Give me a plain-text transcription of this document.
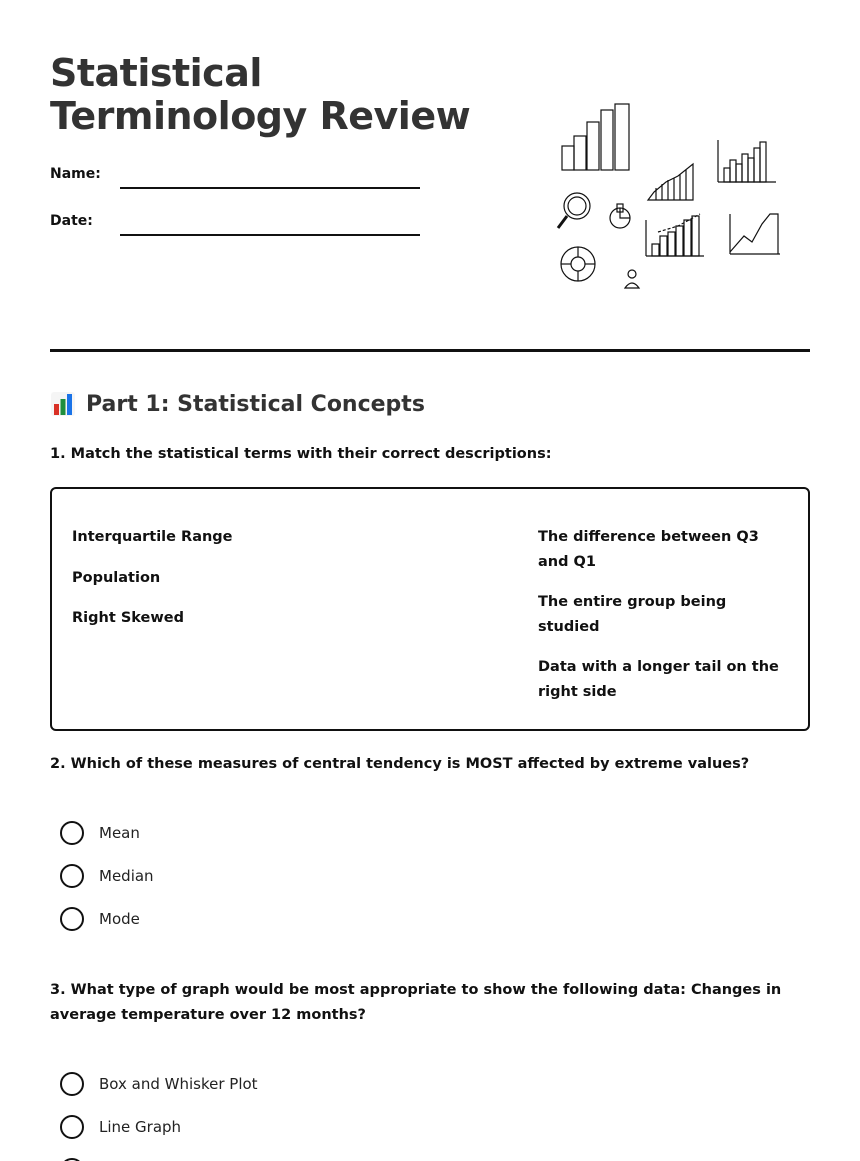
Statistical Terminology Review
Name:
Date:
Part 1: Statistical Concepts
1. Match the statistical terms with their correct descriptions:
Interquartile Range
Population
Right Skewed
The difference between Q3 and Q1
The entire group being studied
Data with a longer tail on the right side
2. Which of these measures of central tendency is MOST affected by extreme values?
Mean
Median
Mode
3. What type of graph would be most appropriate to show the following data: Changes in average temperature over 12 months?
Box and Whisker Plot
Line Graph
